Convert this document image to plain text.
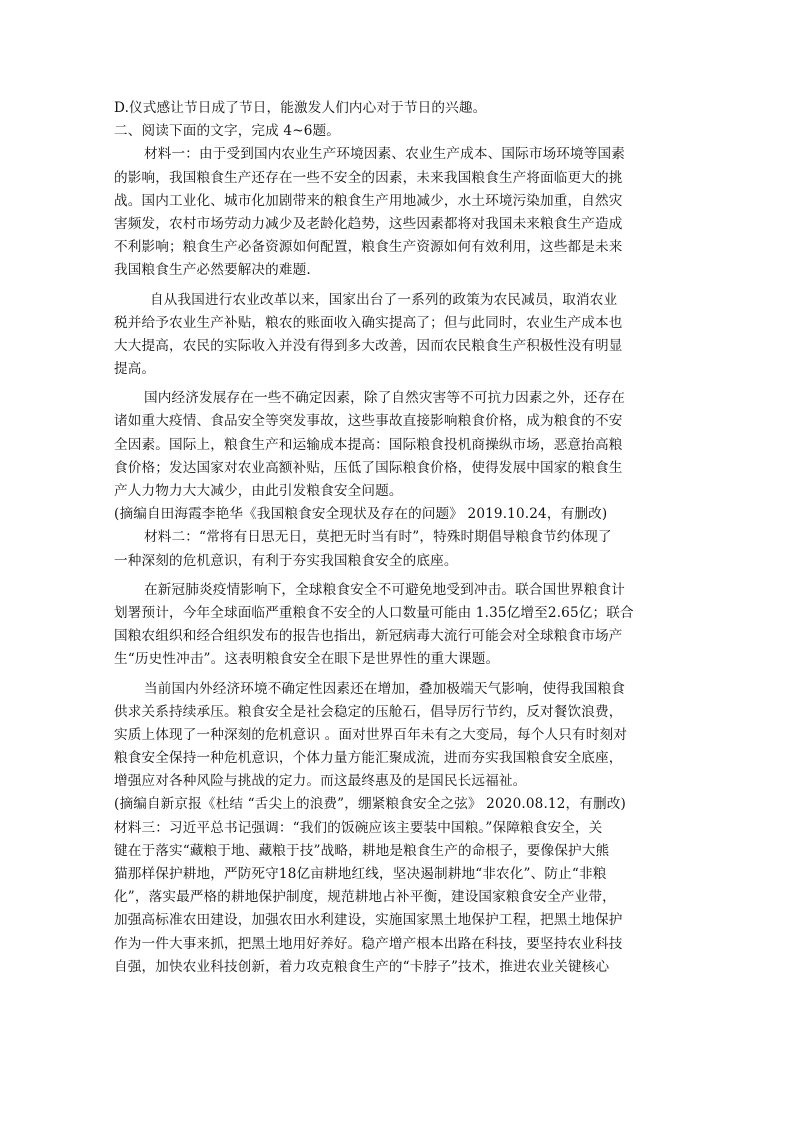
D.仪式感让节日成了节日，能激发人们内心对于节日的兴趣。
二、阅读下面的文字，完成 4~6题。
材料一：由于受到国内农业生产环境因素、农业生产成本、国际市场环境等国素
的影响，我国粮食生产还存在一些不安全的因素，未来我国粮食生产将面临更大的挑
战。国内工业化、城市化加剧带来的粮食生产用地减少，水土环境污染加重，自然灾
害频发，农村市场劳动力减少及老龄化趋势，这些因素都将对我国未来粮食生产造成
不利影响；粮食生产必备资源如何配置，粮食生产资源如何有效利用，这些都是未来
我国粮食生产必然要解决的难题.
自从我国进行农业改革以来，国家出台了一系列的政策为农民减员，取消农业
税并给予农业生产补贴，粮农的账面收入确实提高了；但与此同时，农业生产成本也
大大提高，农民的实际收入并没有得到多大改善，因而农民粮食生产积极性没有明显
提高。
国内经济发展存在一些不确定因素，除了自然灾害等不可抗力因素之外，还存在
诸如重大疫情、食品安全等突发事故，这些事故直接影响粮食价格，成为粮食的不安
全因素。国际上，粮食生产和运输成本提高：国际粮食投机商操纵市场，恶意抬高粮
食价格；发达国家对农业高额补贴，压低了国际粮食价格，使得发展中国家的粮食生
产人力物力大大减少，由此引发粮食安全问题。
(摘编自田海霞李艳华《我国粮食安全现状及存在的问题》 2019.10.24，有删改)
材料二：“常将有日思无日，莫把无时当有时”，特殊时期倡导粮食节约体现了
一种深刻的危机意识，有利于夯实我国粮食安全的底座。
在新冠肺炎疫情影响下，全球粮食安全不可避免地受到冲击。联合国世界粮食计
划署预计，今年全球面临严重粮食不安全的人口数量可能由 1.35亿增至2.65亿；联合
国粮农组织和经合组织发布的报告也指出，新冠病毒大流行可能会对全球粮食市场产
生“历史性冲击”。这表明粮食安全在眼下是世界性的重大课题。
当前国内外经济环境不确定性因素还在增加，叠加极端天气影响，使得我国粮食
供求关系持续承压。粮食安全是社会稳定的压舱石，倡导厉行节约，反对餐饮浪费，
实质上体现了一种深刻的危机意识 。面对世界百年未有之大变局，每个人只有时刻对
粮食安全保持一种危机意识，个体力量方能汇聚成流，进而夯实我国粮食安全底座，
增强应对各种风险与挑战的定力。而这最终惠及的是国民长远福祉。
(摘编自新京报《杜结 “舌尖上的浪费”，绷紧粮食安全之弦》 2020.08.12，有删改)
材料三：习近平总书记强调：“我们的饭碗应该主要装中国粮。”保障粮食安全，关
键在于落实“藏粮于地、藏粮于技”战略，耕地是粮食生产的命根子，要像保护大熊
猫那样保护耕地，严防死守18亿亩耕地红线，坚决遏制耕地“非农化”、防止“非粮
化”，落实最严格的耕地保护制度，规范耕地占补平衡，建设国家粮食安全产业带，
加强高标准农田建设，加强农田水利建设，实施国家黑土地保护工程，把黑土地保护
作为一件大事来抓，把黑土地用好养好。稳产增产根本出路在科技，要坚持农业科技
自强，加快农业科技创新，着力攻克粮食生产的“卡脖子”技术，推进农业关键核心
